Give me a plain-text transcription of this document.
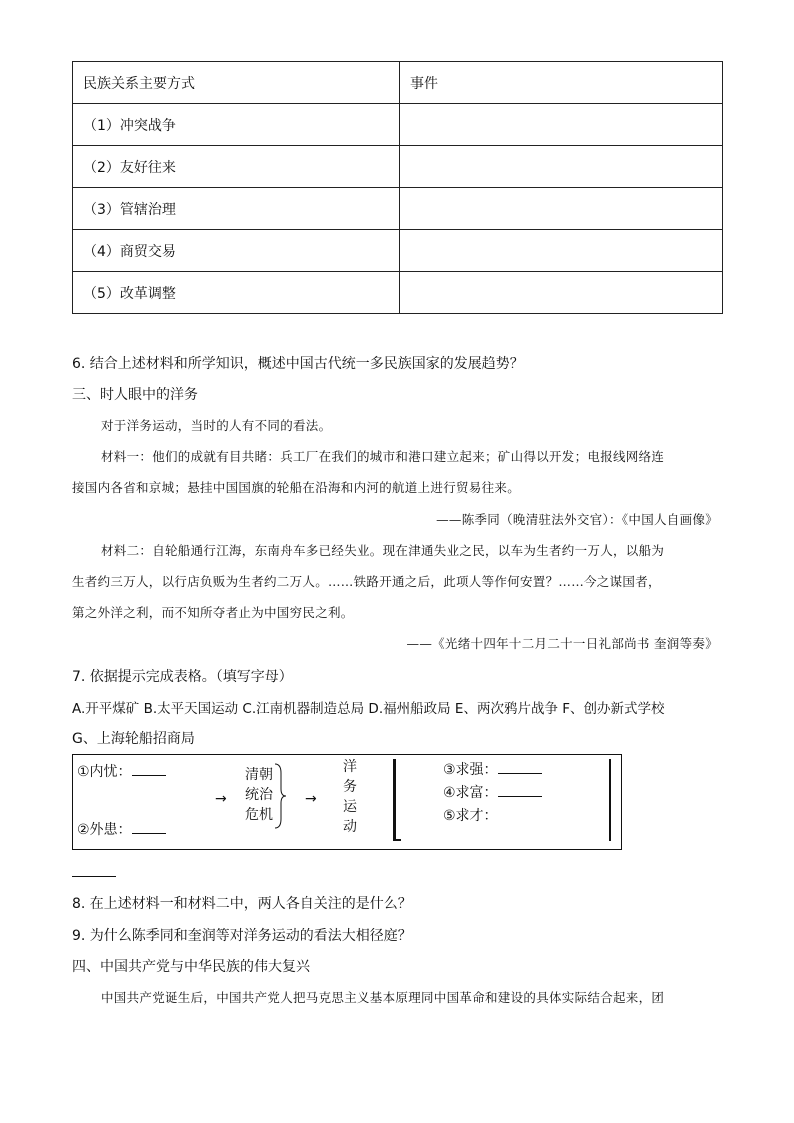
民族关系主要方式	事件
（1）冲突战争	
（2）友好往来	
（3）管辖治理	
（4）商贸交易	
（5）改革调整	
6. 结合上述材料和所学知识，概述中国古代统一多民族国家的发展趋势？
三、时人眼中的洋务
对于洋务运动，当时的人有不同的看法。
材料一：他们的成就有目共睹：兵工厂在我们的城市和港口建立起来；矿山得以开发；电报线网络连
接国内各省和京城；悬挂中国国旗的轮船在沿海和内河的航道上进行贸易往来。
——陈季同（晚清驻法外交官）：《中国人自画像》
材料二：自轮船通行江海，东南舟车多已经失业。现在津通失业之民，以车为生者约一万人，以船为
生者约三万人，以行店负贩为生者约二万人。……铁路开通之后，此项人等作何安置？……今之谋国者，
第之外洋之利，而不知所夺者止为中国穷民之利。
——《光绪十四年十二月二十一日礼部尚书 奎润等奏》
7. 依据提示完成表格。（填写字母）
A.开平煤矿 B.太平天国运动 C.江南机器制造总局 D.福州船政局 E、两次鸦片战争 F、创办新式学校
G、上海轮船招商局
①内忧：
②外患：
→
清朝
统治
危机
→
洋
务
运
动
③求强：
④求富：
⑤求才：
8. 在上述材料一和材料二中，两人各自关注的是什么？
9. 为什么陈季同和奎润等对洋务运动的看法大相径庭？
四、中国共产党与中华民族的伟大复兴
中国共产党诞生后，中国共产党人把马克思主义基本原理同中国革命和建设的具体实际结合起来，团
